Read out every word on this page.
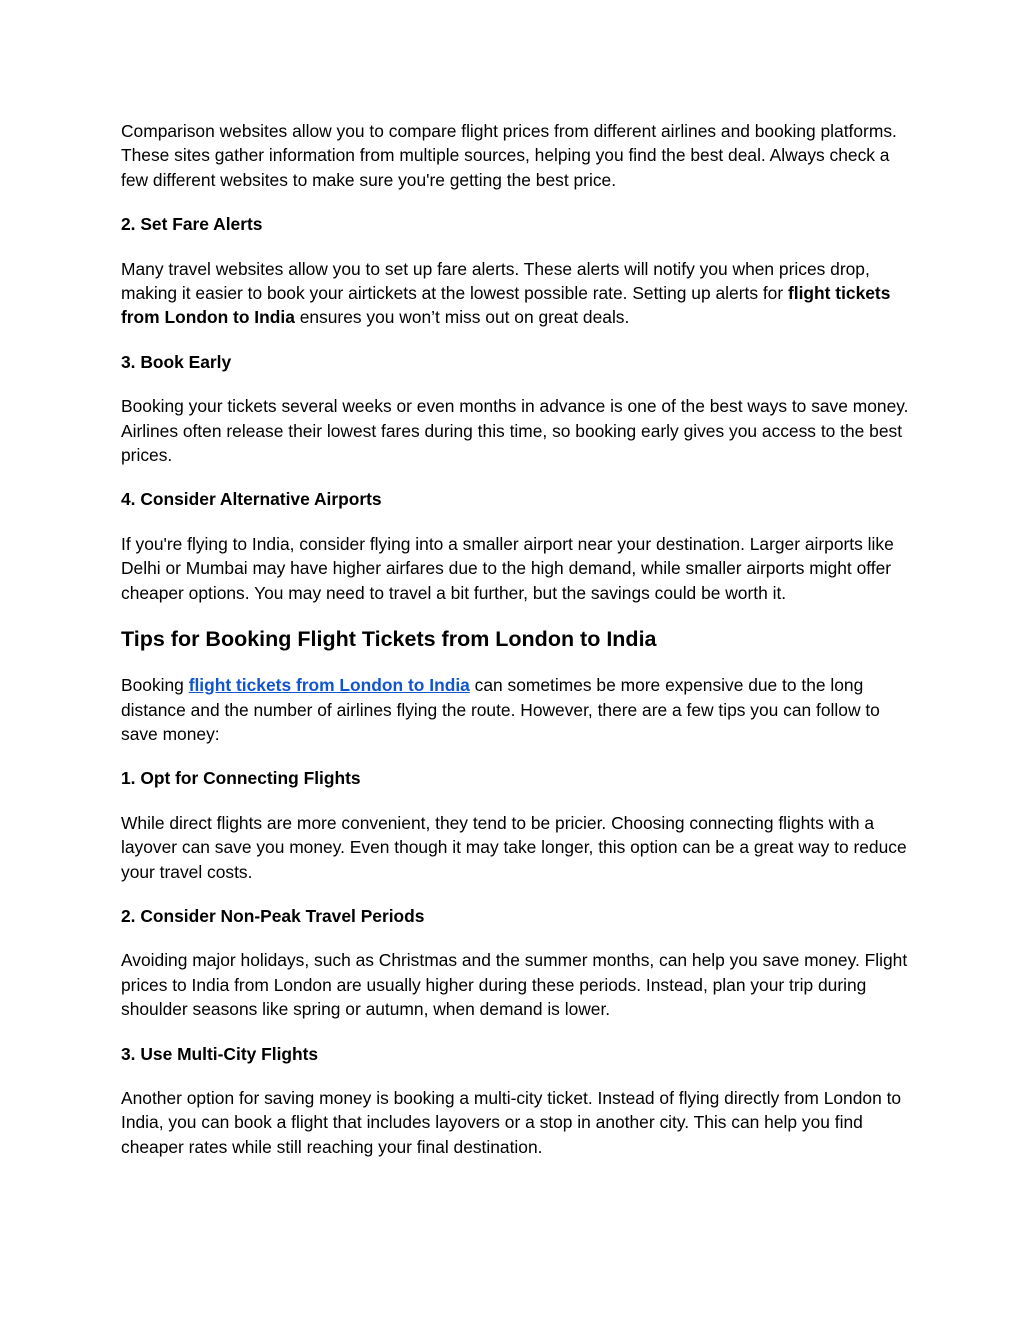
Comparison websites allow you to compare flight prices from different airlines and booking platforms. These sites gather information from multiple sources, helping you find the best deal. Always check a few different websites to make sure you're getting the best price.

2. Set Fare Alerts

Many travel websites allow you to set up fare alerts. These alerts will notify you when prices drop, making it easier to book your airtickets at the lowest possible rate. Setting up alerts for flight tickets from London to India ensures you won’t miss out on great deals.

3. Book Early

Booking your tickets several weeks or even months in advance is one of the best ways to save money. Airlines often release their lowest fares during this time, so booking early gives you access to the best prices.

4. Consider Alternative Airports

If you're flying to India, consider flying into a smaller airport near your destination. Larger airports like Delhi or Mumbai may have higher airfares due to the high demand, while smaller airports might offer cheaper options. You may need to travel a bit further, but the savings could be worth it.

Tips for Booking Flight Tickets from London to India

Booking flight tickets from London to India can sometimes be more expensive due to the long distance and the number of airlines flying the route. However, there are a few tips you can follow to save money:

1. Opt for Connecting Flights

While direct flights are more convenient, they tend to be pricier. Choosing connecting flights with a layover can save you money. Even though it may take longer, this option can be a great way to reduce your travel costs.

2. Consider Non-Peak Travel Periods

Avoiding major holidays, such as Christmas and the summer months, can help you save money. Flight prices to India from London are usually higher during these periods. Instead, plan your trip during shoulder seasons like spring or autumn, when demand is lower.

3. Use Multi-City Flights

Another option for saving money is booking a multi-city ticket. Instead of flying directly from London to India, you can book a flight that includes layovers or a stop in another city. This can help you find cheaper rates while still reaching your final destination.
